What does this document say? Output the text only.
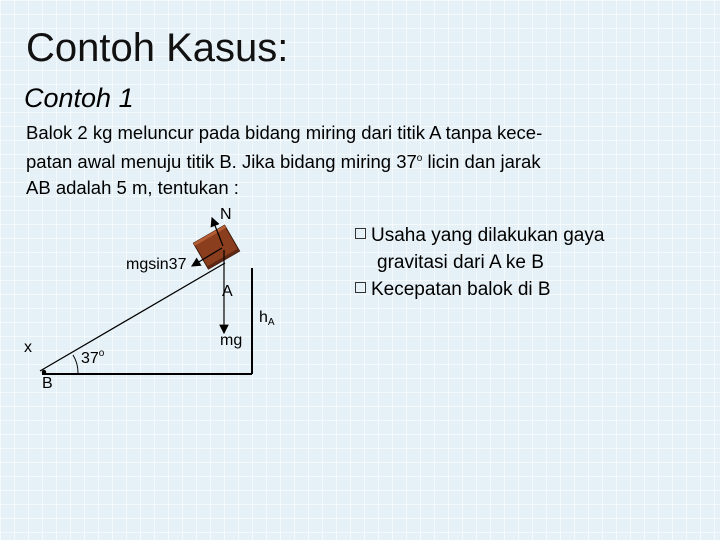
Contoh Kasus:
Contoh 1
Balok 2 kg meluncur pada bidang miring dari titik A tanpa kece-
patan awal menuju titik B. Jika bidang miring 37$^o$ licin dan jarak
AB adalah 5 m, tentukan :
Usaha yang dilakukan gaya
gravitasi dari A ke B
Kecepatan balok di B
N
mgsin37
A
mg
$h_A$
x
B
37$^o$
